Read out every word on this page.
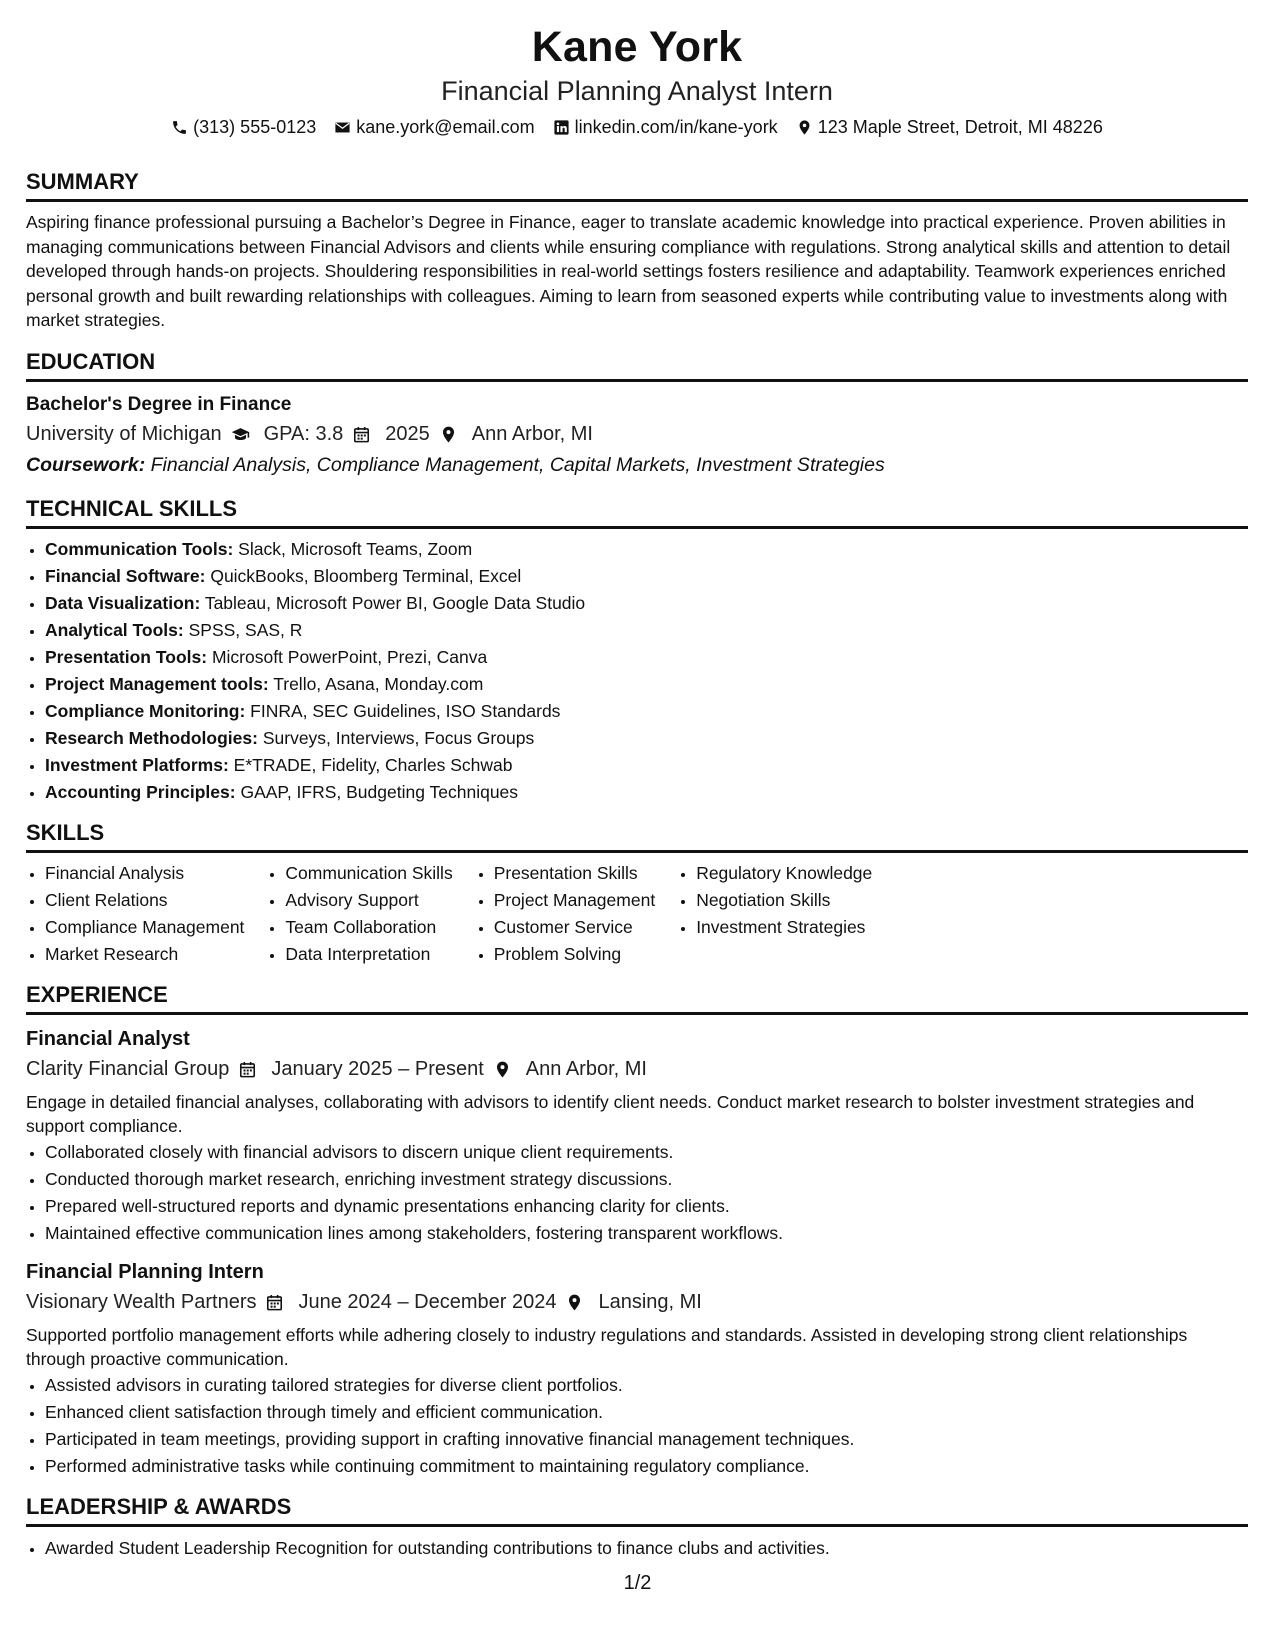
Kane York
Financial Planning Analyst Intern
(313) 555-0123 kane.york@email.com linkedin.com/in/kane-york 123 Maple Street, Detroit, MI 48226
SUMMARY

Aspiring finance professional pursuing a Bachelor’s Degree in Finance, eager to translate academic knowledge into practical experience. Proven abilities in managing communications between Financial Advisors and clients while ensuring compliance with regulations. Strong analytical skills and attention to detail developed through hands-on projects. Shouldering responsibilities in real-world settings fosters resilience and adaptability. Teamwork experiences enriched personal growth and built rewarding relationships with colleagues. Aiming to learn from seasoned experts while contributing value to investments along with market strategies.

EDUCATION
Bachelor's Degree in Finance
University of Michigan GPA: 3.8 2025 Ann Arbor, MI
Coursework: Financial Analysis, Compliance Management, Capital Markets, Investment Strategies
TECHNICAL SKILLS
• Communication Tools: Slack, Microsoft Teams, Zoom
• Financial Software: QuickBooks, Bloomberg Terminal, Excel
• Data Visualization: Tableau, Microsoft Power BI, Google Data Studio
• Analytical Tools: SPSS, SAS, R
• Presentation Tools: Microsoft PowerPoint, Prezi, Canva
• Project Management tools: Trello, Asana, Monday.com
• Compliance Monitoring: FINRA, SEC Guidelines, ISO Standards
• Research Methodologies: Surveys, Interviews, Focus Groups
• Investment Platforms: E*TRADE, Fidelity, Charles Schwab
• Accounting Principles: GAAP, IFRS, Budgeting Techniques
SKILLS
• Financial Analysis
• Client Relations
• Compliance Management
• Market Research
• Communication Skills
• Advisory Support
• Team Collaboration
• Data Interpretation
• Presentation Skills
• Project Management
• Customer Service
• Problem Solving
• Regulatory Knowledge
• Negotiation Skills
• Investment Strategies
EXPERIENCE
Financial Analyst
Clarity Financial Group January 2025 – Present Ann Arbor, MI
Engage in detailed financial analyses, collaborating with advisors to identify client needs. Conduct market research to bolster investment strategies and support compliance.
• Collaborated closely with financial advisors to discern unique client requirements.
• Conducted thorough market research, enriching investment strategy discussions.
• Prepared well-structured reports and dynamic presentations enhancing clarity for clients.
• Maintained effective communication lines among stakeholders, fostering transparent workflows.
Financial Planning Intern
Visionary Wealth Partners June 2024 – December 2024 Lansing, MI
Supported portfolio management efforts while adhering closely to industry regulations and standards. Assisted in developing strong client relationships through proactive communication.
• Assisted advisors in curating tailored strategies for diverse client portfolios.
• Enhanced client satisfaction through timely and efficient communication.
• Participated in team meetings, providing support in crafting innovative financial management techniques.
• Performed administrative tasks while continuing commitment to maintaining regulatory compliance.
LEADERSHIP & AWARDS
• Awarded Student Leadership Recognition for outstanding contributions to finance clubs and activities.
1/2
